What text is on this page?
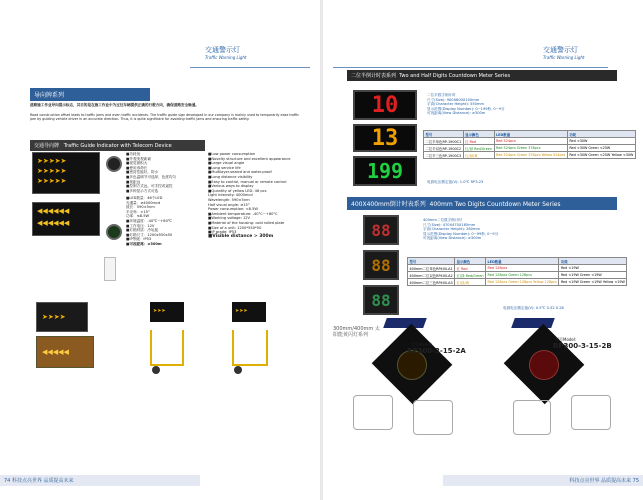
交通警示灯
Traffic Warning Light
导向牌系列
道路施工作业导向提示标志，其目的是在施工作业中为过往车辆提供正确的行驶方向，确保道路安全畅通。
Road construction offset leads to traffic jams and even traffic accidents. The traffic guide sign developed in our company is mainly used to temporarily ease traffic jam by guiding vehicle driver in an accurate direction. Thus, it is quite significant for avoiding traffic jams and ensuring traffic safety.
交通导向牌 Traffic Guide Indicator with Telecom Device
➤➤➤➤➤
➤➤➤➤➤
➤➤➤➤➤
◀◀◀◀◀◀
◀◀◀◀◀◀
■功耗低
■外观美观新颖
■视觉面积大
■使用寿命长
■密封性能好，防水
■多色温调节可选择，色度均匀
■视距远
■控制方式远，可手控或遥控
■多种显示方式可选
■LED数量：46个LED
光通量：≥4000mcd
波长：590±5nm
半光角：>15°
功率：≤8.5W
■环境温度：-40℃~+80℃
■工作电压：12V
■灯箱材质：冷轧板
■灯箱尺寸：1200x550x50
■IP等级：IP53
■可视距离：≥300m
■Low power consumption
■Novelty structure and excellent appearance
■Large visual angle
■Long service life
■Multilayer-sealed and water-proof
■Long distance visibility
■Easy to control, manual or remote control
■Various ways to display
■Quantity of yellow LED: 46 pcs
Light intensity: 4000mcd
Wavelength: 590±5nm
Half visual angle: ≥15°
Power consumption: <8.5W
■Ambient temperature: -40°C~+80°C
■Working voltage: 12V
■Material of the housing: cold rolled plate
■Size of a unit: 1200*550*50
■IP grade: IP53
■Visible distance > 300m
➤➤➤➤
◀◀◀◀◀
➤➤➤	➤➤➤
74 科技点亮世界 品质提高未来
交通警示灯
Traffic Warning Light
二位半倒计时表系列 Two and Half Digits Countdown Meter Series
10
13
199
二位半数字倒计时
尺寸(Size): 900X600X100mm
字高(Character Height): 550mm
显示范围(Display Number): 0~199秒, 0~9分
可视距离(View Distance): ≥300m
型号	显示颜色	LED数量	功耗
二位半单色RP-1900C1	红 Red	Red 524pcs	Red <30W
二位半双色RP-1900C2	红/绿 Red/Green	Red 524pcs Green 378pcs	Red <30W Green <25W
二位半三色RP-1900C3	红/绿/黄	Red 524pcs Green 378pcs Yellow 524pcs	Red <30W Green <25W Yellow <30W
电源电压额定值(V): 1.0℃ RP3.23
400X400mm倒计时表系列 400mm Two Digits Countdown Meter Series
88
88
88
400mm二位数字倒计时
尺寸(Size): 470X470X185mm
字高(Character Height): 280mm
显示范围(Display Number): 0~99秒, 0~9分
可视距离(View Distance): ≥300m
型号	显示颜色	LED数量	功耗
400mm二位单色RP400-A1	红 Red	Red 128pcs	Red <19W
400mm二位双色RP400-A2	红/绿 Red/Green	Red 128pcs Green 128pcs	Red <19W Green <19W
400mm二位三色RP400-A3	红/绿/黄	Red 128pcs Green 128pcs Yellow 128pcs	Red <19W Green <19W Yellow <19W
电源电压额定值(V): 0.5℃ 0.52 0.28
300mm/400mm 太阳能黄闪灯系列
型号Model:
RP300-3-15-2A
型号Model:
RP300-3-15-2B
科技点亮世界 品质提高未来 75
